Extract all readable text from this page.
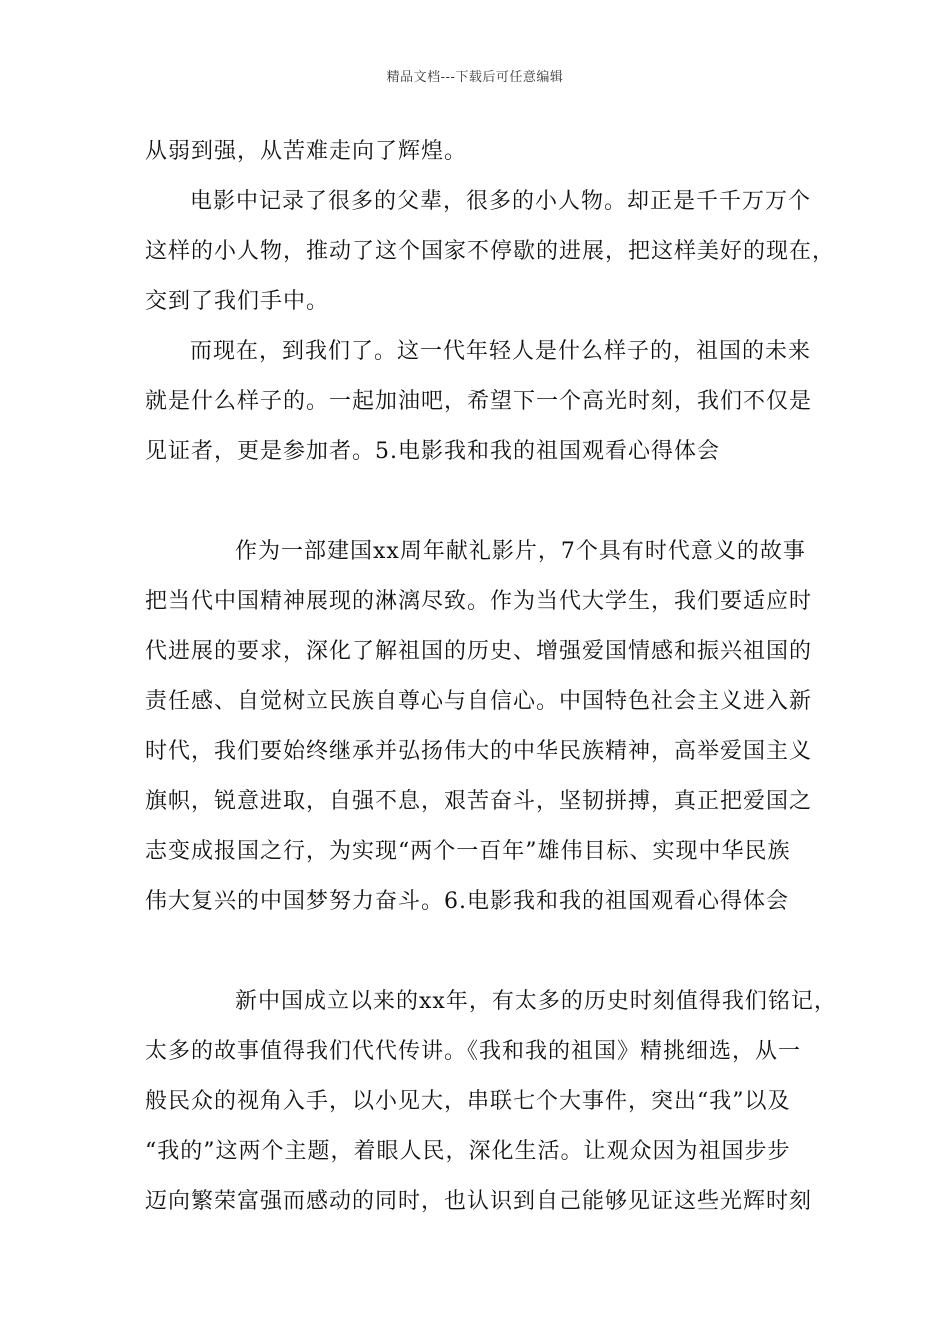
精品文档---下载后可任意编辑
从弱到强，从苦难走向了辉煌。
电影中记录了很多的父辈，很多的小人物。却正是千千万万个
这样的小人物，推动了这个国家不停歇的进展，把这样美好的现在，
交到了我们手中。
而现在，到我们了。这一代年轻人是什么样子的，祖国的未来
就是什么样子的。一起加油吧，希望下一个高光时刻，我们不仅是
见证者，更是参加者。5.电影我和我的祖国观看心得体会
作为一部建国xx周年献礼影片，7个具有时代意义的故事
把当代中国精神展现的淋漓尽致。作为当代大学生，我们要适应时
代进展的要求，深化了解祖国的历史、增强爱国情感和振兴祖国的
责任感、自觉树立民族自尊心与自信心。中国特色社会主义进入新
时代，我们要始终继承并弘扬伟大的中华民族精神，高举爱国主义
旗帜，锐意进取，自强不息，艰苦奋斗，坚韧拼搏，真正把爱国之
志变成报国之行，为实现“两个一百年”雄伟目标、实现中华民族
伟大复兴的中国梦努力奋斗。6.电影我和我的祖国观看心得体会
新中国成立以来的xx年，有太多的历史时刻值得我们铭记，
太多的故事值得我们代代传讲。《我和我的祖国》精挑细选，从一
般民众的视角入手，以小见大，串联七个大事件，突出“我”以及
“我的”这两个主题，着眼人民，深化生活。让观众因为祖国步步
迈向繁荣富强而感动的同时，也认识到自己能够见证这些光辉时刻
